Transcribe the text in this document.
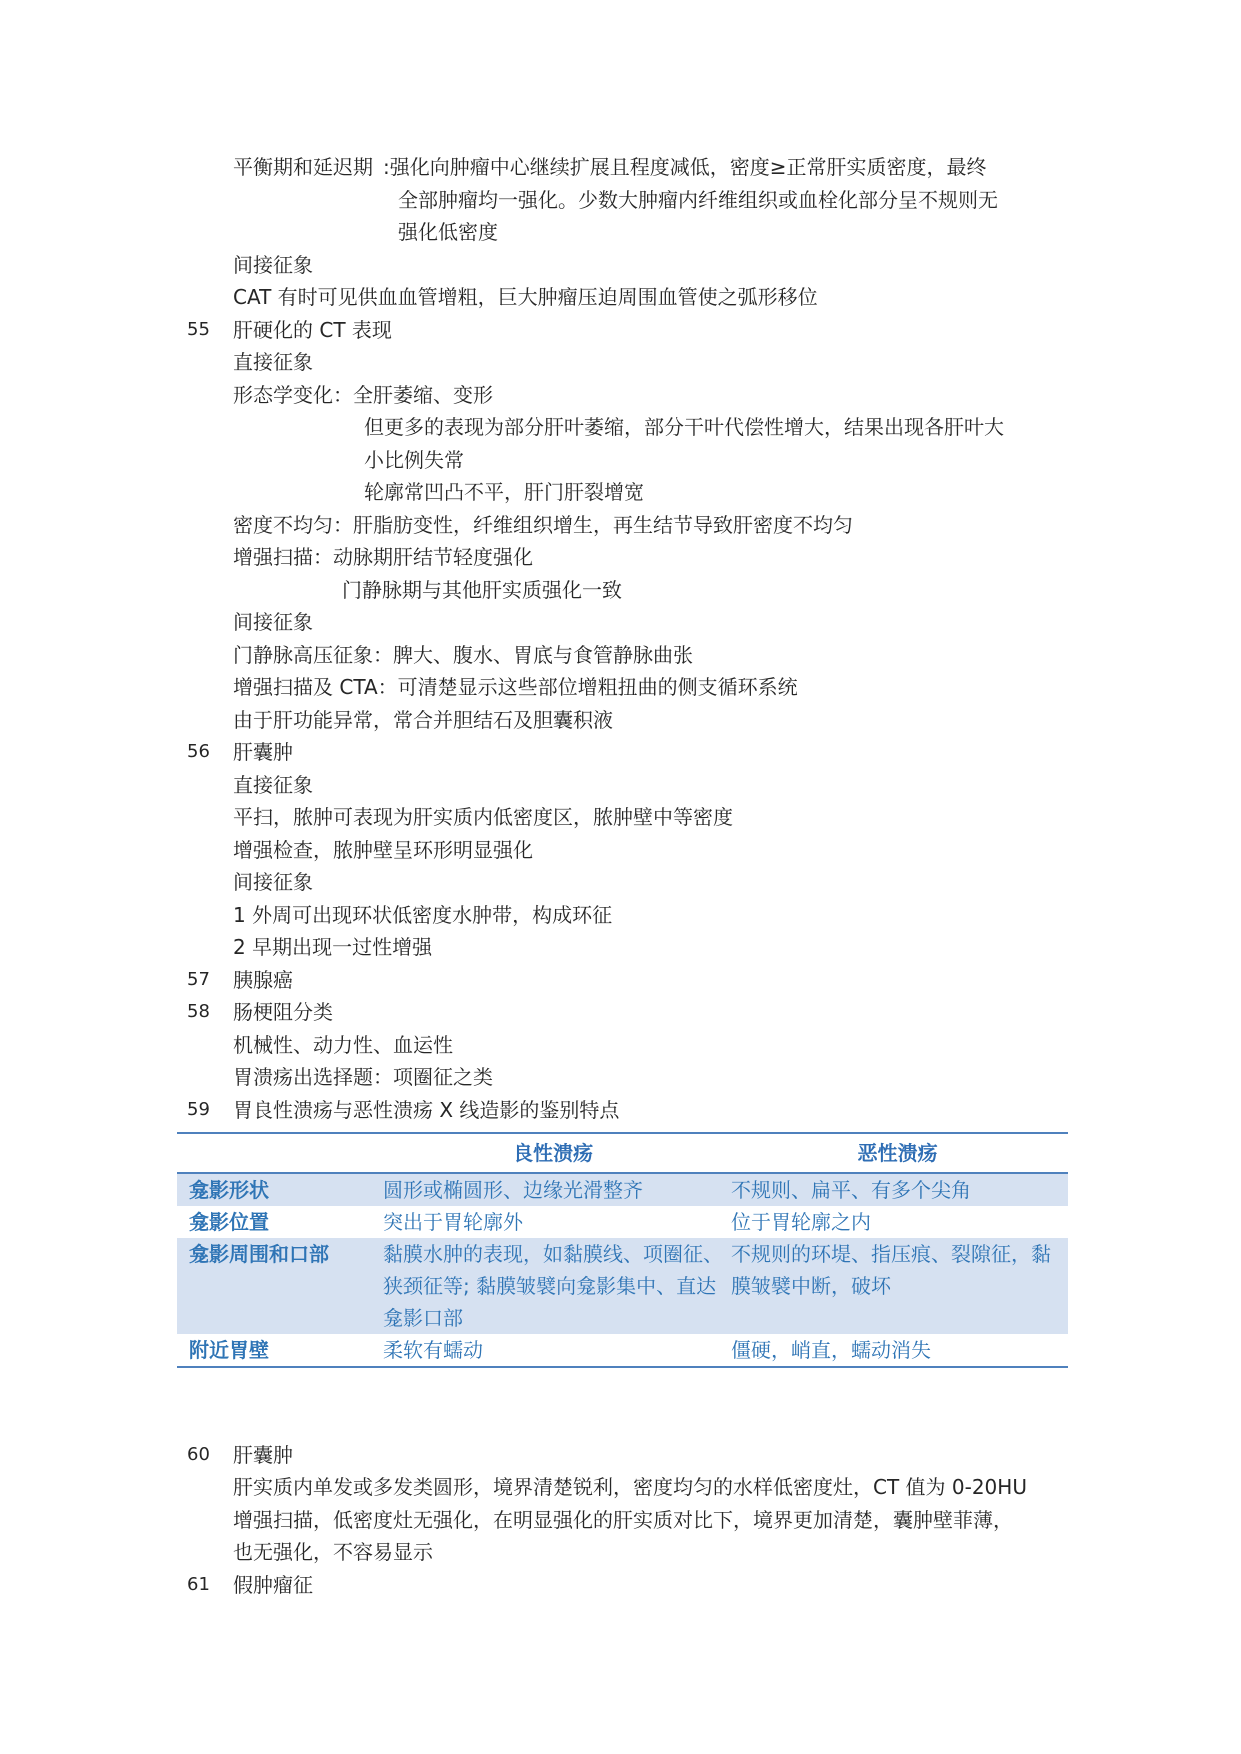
平衡期和延迟期 :强化向肿瘤中心继续扩展且程度减低，密度≥正常肝实质密度，最终
全部肿瘤均一强化。少数大肿瘤内纤维组织或血栓化部分呈不规则无
强化低密度
间接征象
CAT 有时可见供血血管增粗，巨大肿瘤压迫周围血管使之弧形移位
55 肝硬化的 CT 表现
直接征象
形态学变化：全肝萎缩、变形
但更多的表现为部分肝叶萎缩，部分干叶代偿性增大，结果出现各肝叶大
小比例失常
轮廓常凹凸不平，肝门肝裂增宽
密度不均匀：肝脂肪变性，纤维组织增生，再生结节导致肝密度不均匀
增强扫描：动脉期肝结节轻度强化
门静脉期与其他肝实质强化一致
间接征象
门静脉高压征象：脾大、腹水、胃底与食管静脉曲张
增强扫描及 CTA：可清楚显示这些部位增粗扭曲的侧支循环系统
由于肝功能异常，常合并胆结石及胆囊积液
56 肝囊肿
直接征象
平扫，脓肿可表现为肝实质内低密度区，脓肿壁中等密度
增强检查，脓肿壁呈环形明显强化
间接征象
1 外周可出现环状低密度水肿带，构成环征
2 早期出现一过性增强
57 胰腺癌
58 肠梗阻分类
机械性、动力性、血运性
胃溃疡出选择题：项圈征之类
59 胃良性溃疡与恶性溃疡 X 线造影的鉴别特点
	良性溃疡	恶性溃疡
龛影形状	圆形或椭圆形、边缘光滑整齐	不规则、扁平、有多个尖角
龛影位置	突出于胃轮廓外	位于胃轮廓之内
龛影周围和口部	黏膜水肿的表现，如黏膜线、项圈征、狭颈征等; 黏膜皱襞向龛影集中、直达龛影口部	不规则的环堤、指压痕、裂隙征，黏膜皱襞中断，破坏
附近胃壁	柔软有蠕动	僵硬，峭直，蠕动消失
60 肝囊肿
肝实质内单发或多发类圆形，境界清楚锐利，密度均匀的水样低密度灶，CT 值为 0-20HU
增强扫描，低密度灶无强化，在明显强化的肝实质对比下，境界更加清楚，囊肿壁菲薄，
也无强化，不容易显示
61 假肿瘤征
